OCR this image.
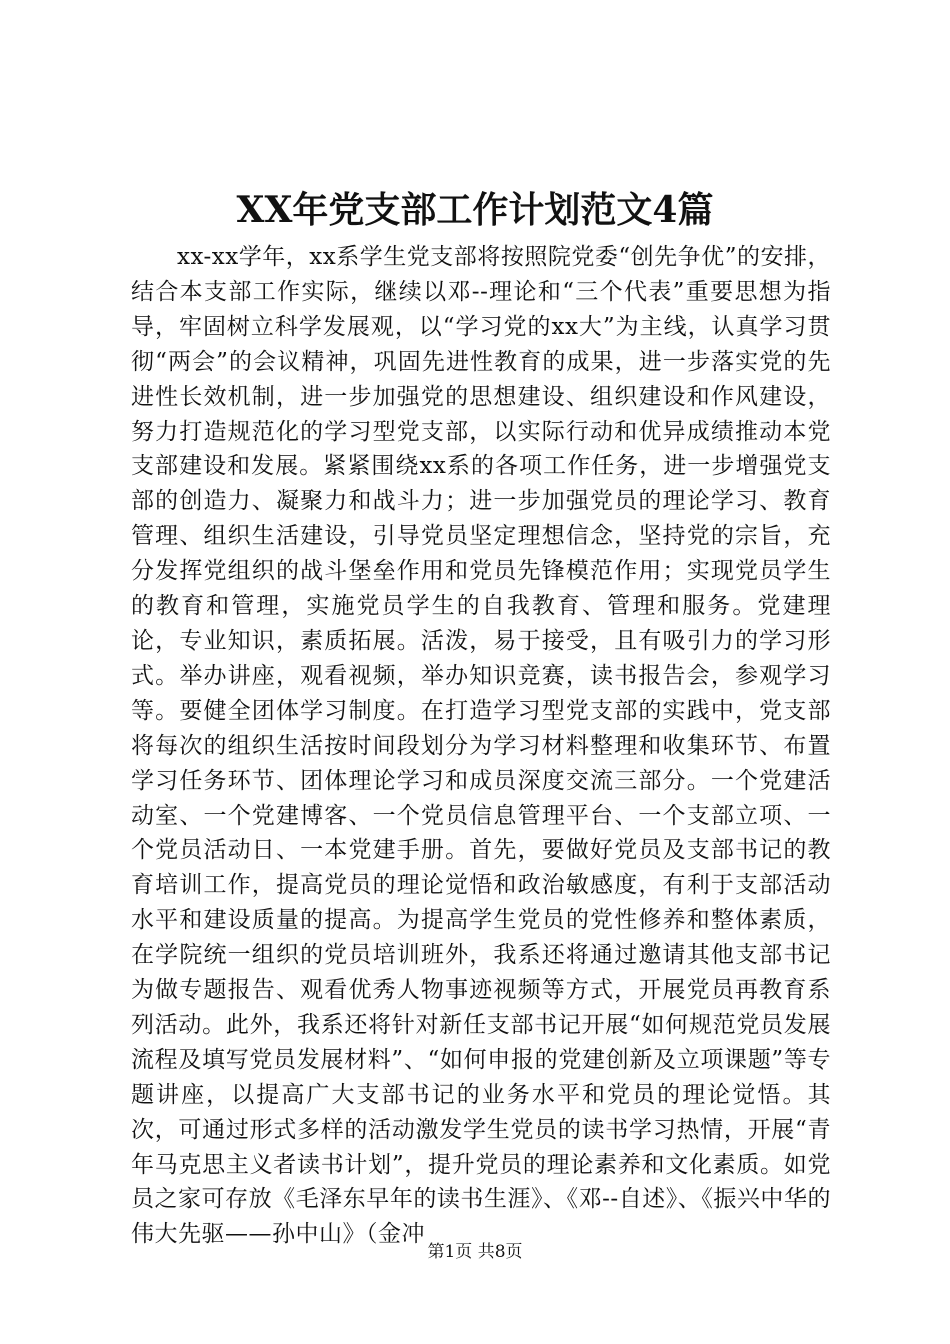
XX年党支部工作计划范文4篇

xx-xx学年，xx系学生党支部将按照院党委“创先争优”的安排，结合本支部工作实际，继续以邓--理论和“三个代表”重要思想为指导，牢固树立科学发展观，以“学习党的xx大”为主线，认真学习贯彻“两会”的会议精神，巩固先进性教育的成果，进一步落实党的先进性长效机制，进一步加强党的思想建设、组织建设和作风建设，努力打造规范化的学习型党支部，以实际行动和优异成绩推动本党支部建设和发展。紧紧围绕xx系的各项工作任务，进一步增强党支部的创造力、凝聚力和战斗力；进一步加强党员的理论学习、教育管理、组织生活建设，引导党员坚定理想信念，坚持党的宗旨，充分发挥党组织的战斗堡垒作用和党员先锋模范作用；实现党员学生的教育和管理，实施党员学生的自我教育、管理和服务。党建理论，专业知识，素质拓展。活泼，易于接受，且有吸引力的学习形式。举办讲座，观看视频，举办知识竞赛，读书报告会，参观学习等。要健全团体学习制度。在打造学习型党支部的实践中，党支部将每次的组织生活按时间段划分为学习材料整理和收集环节、布置学习任务环节、团体理论学习和成员深度交流三部分。一个党建活动室、一个党建博客、一个党员信息管理平台、一个支部立项、一个党员活动日、一本党建手册。首先，要做好党员及支部书记的教育培训工作，提高党员的理论觉悟和政治敏感度，有利于支部活动水平和建设质量的提高。为提高学生党员的党性修养和整体素质，在学院统一组织的党员培训班外，我系还将通过邀请其他支部书记为做专题报告、观看优秀人物事迹视频等方式，开展党员再教育系列活动。此外，我系还将针对新任支部书记开展“如何规范党员发展流程及填写党员发展材料”、“如何申报的党建创新及立项课题”等专题讲座，以提高广大支部书记的业务水平和党员的理论觉悟。其次，可通过形式多样的活动激发学生党员的读书学习热情，开展“青年马克思主义者读书计划”，提升党员的理论素养和文化素质。如党员之家可存放《毛泽东早年的读书生涯》、《邓--自述》、《振兴中华的伟大先驱——孙中山》（金冲

第1页 共8页
